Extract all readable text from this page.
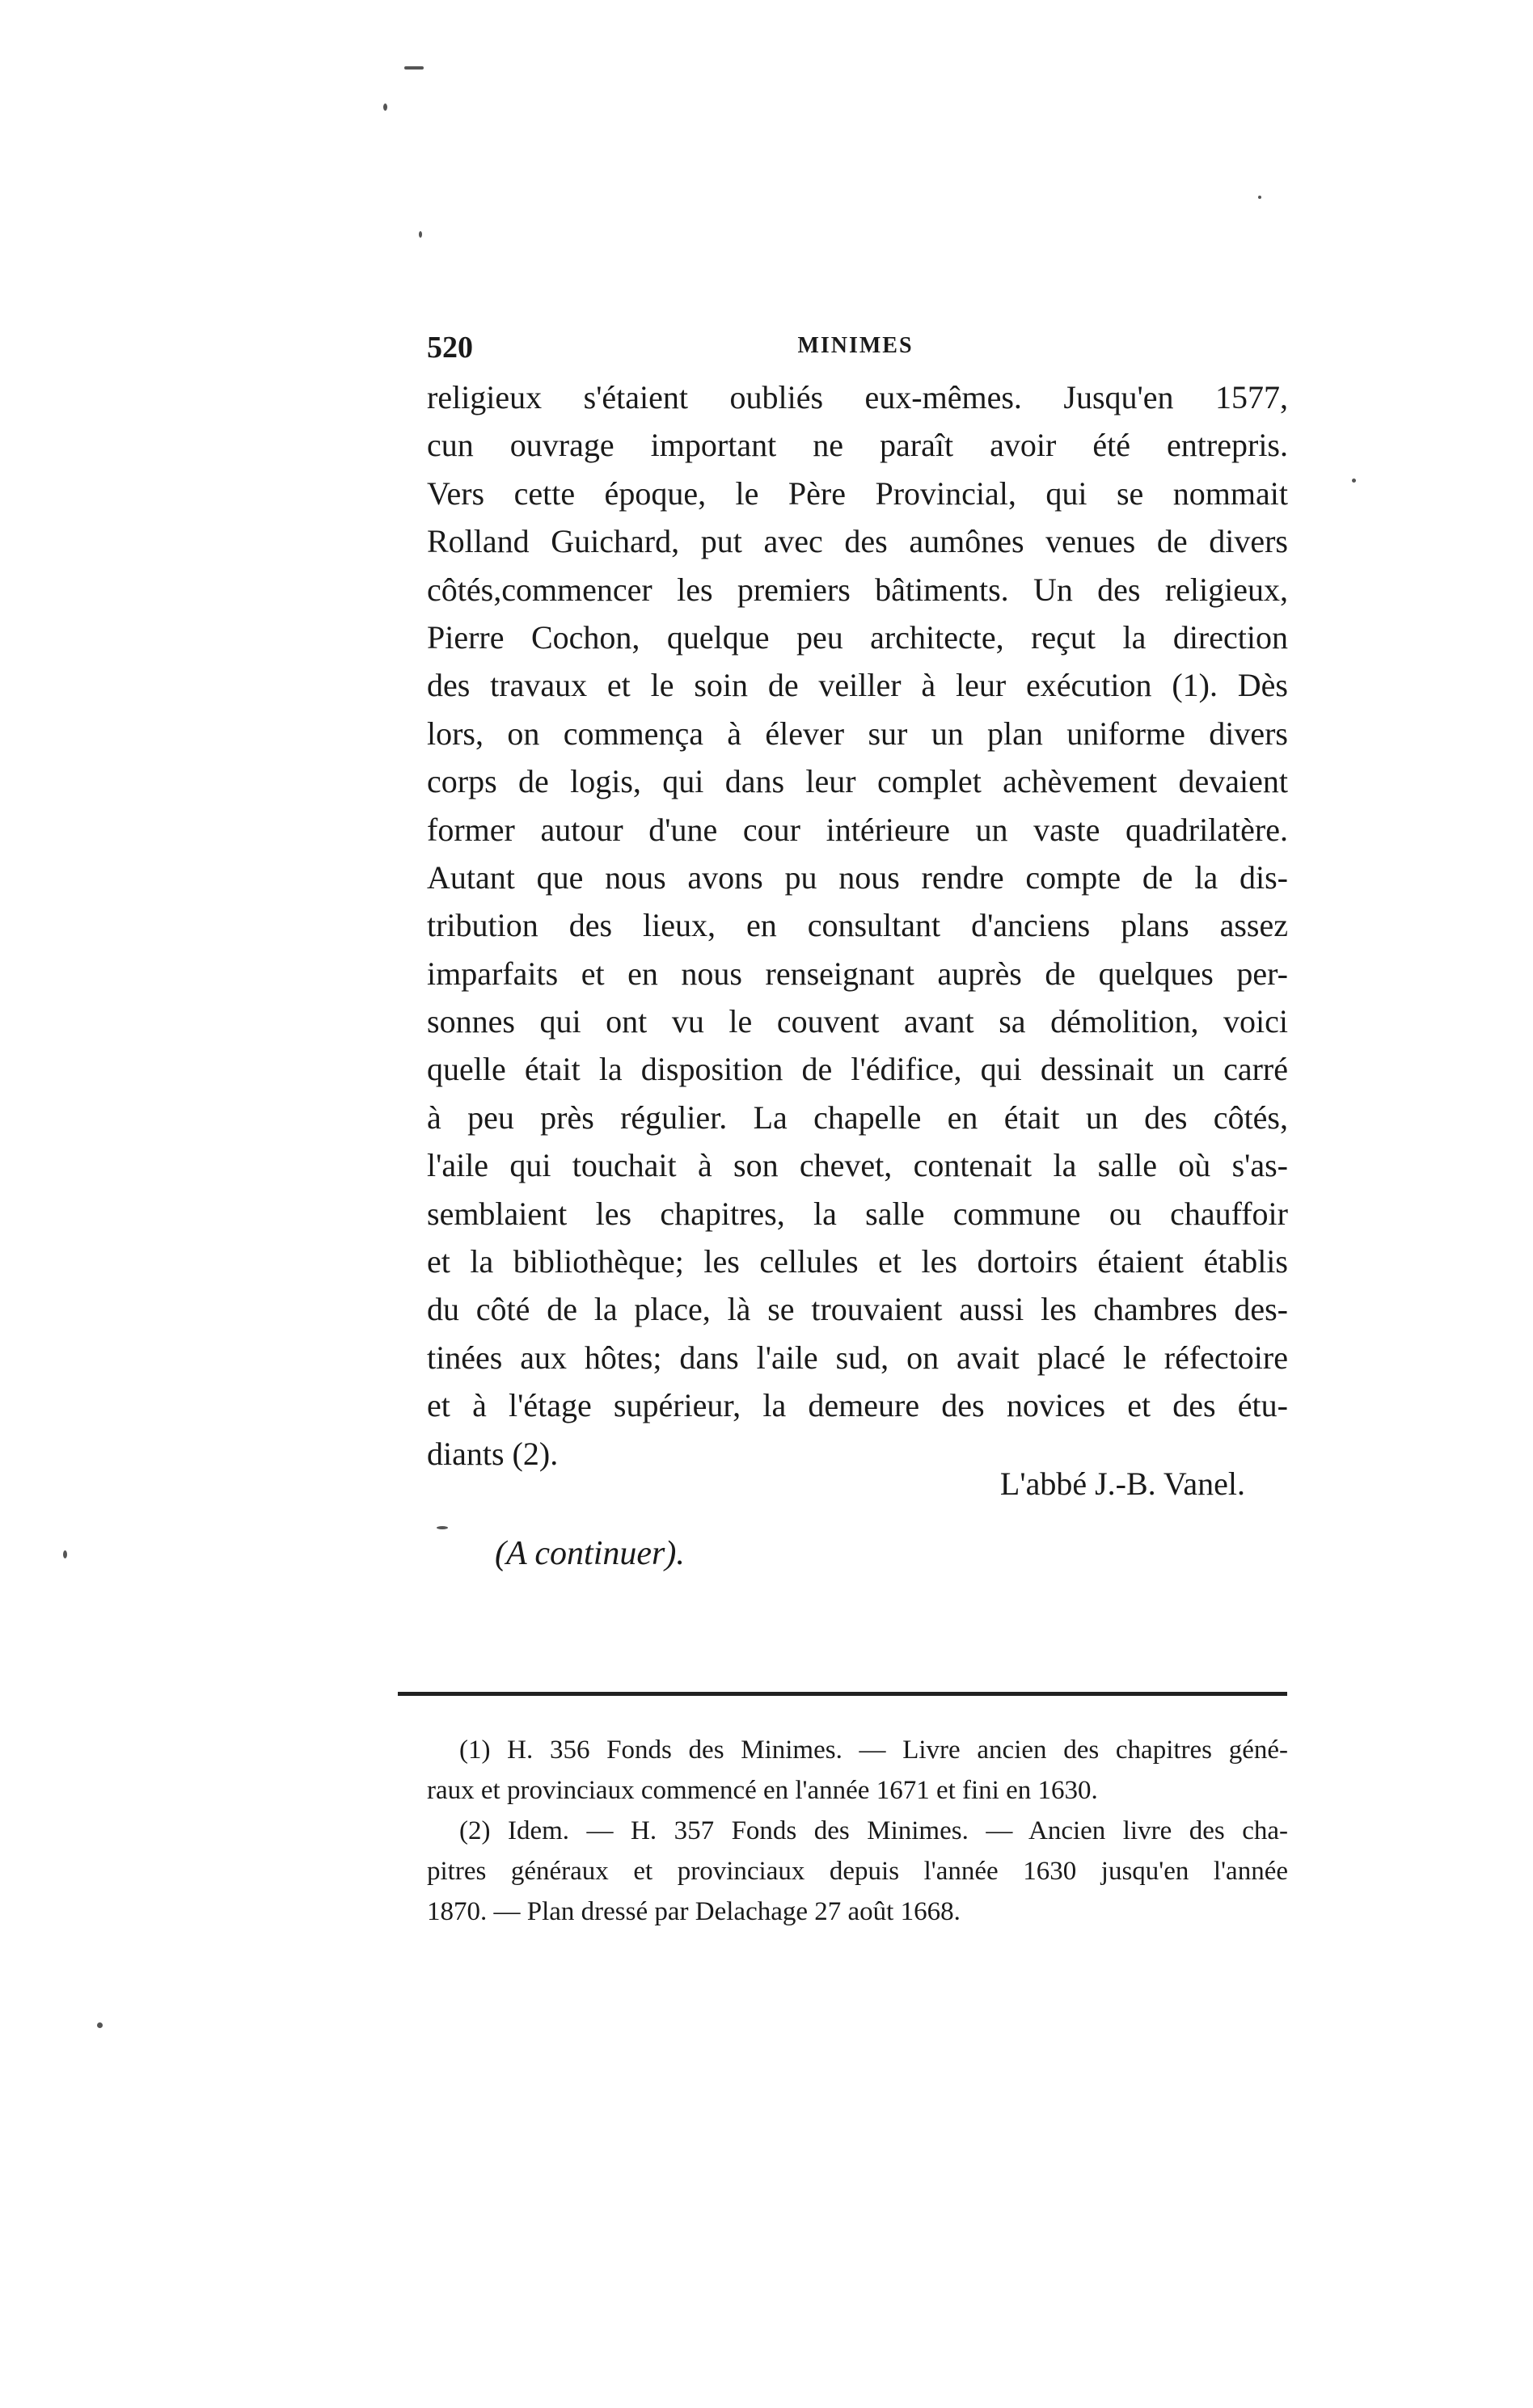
520	MINIMES
religieux s'étaient oubliés eux-mêmes. Jusqu'en 1577,
cun ouvrage important ne paraît avoir été entrepris.
Vers cette époque, le Père Provincial, qui se nommait
Rolland Guichard, put avec des aumônes venues de divers
côtés,commencer les premiers bâtiments. Un des religieux,
Pierre Cochon, quelque peu architecte, reçut la direction
des travaux et le soin de veiller à leur exécution (1). Dès
lors, on commença à élever sur un plan uniforme divers
corps de logis, qui dans leur complet achèvement devaient
former autour d'une cour intérieure un vaste quadrilatère.
Autant que nous avons pu nous rendre compte de la dis-
tribution des lieux, en consultant d'anciens plans assez
imparfaits et en nous renseignant auprès de quelques per-
sonnes qui ont vu le couvent avant sa démolition, voici
quelle était la disposition de l'édifice, qui dessinait un carré
à peu près régulier. La chapelle en était un des côtés,
l'aile qui touchait à son chevet, contenait la salle où s'as-
semblaient les chapitres, la salle commune ou chauffoir
et la bibliothèque; les cellules et les dortoirs étaient établis
du côté de la place, là se trouvaient aussi les chambres des-
tinées aux hôtes; dans l'aile sud, on avait placé le réfectoire
et à l'étage supérieur, la demeure des novices et des étu-
diants (2).
L'abbé J.-B. Vanel.
(A continuer).
(1) H. 356 Fonds des Minimes. — Livre ancien des chapitres géné-
raux et provinciaux commencé en l'année 1671 et fini en 1630.
(2) Idem. — H. 357 Fonds des Minimes. — Ancien livre des cha-
pitres généraux et provinciaux depuis l'année 1630 jusqu'en l'année
1870. — Plan dressé par Delachage 27 août 1668.
